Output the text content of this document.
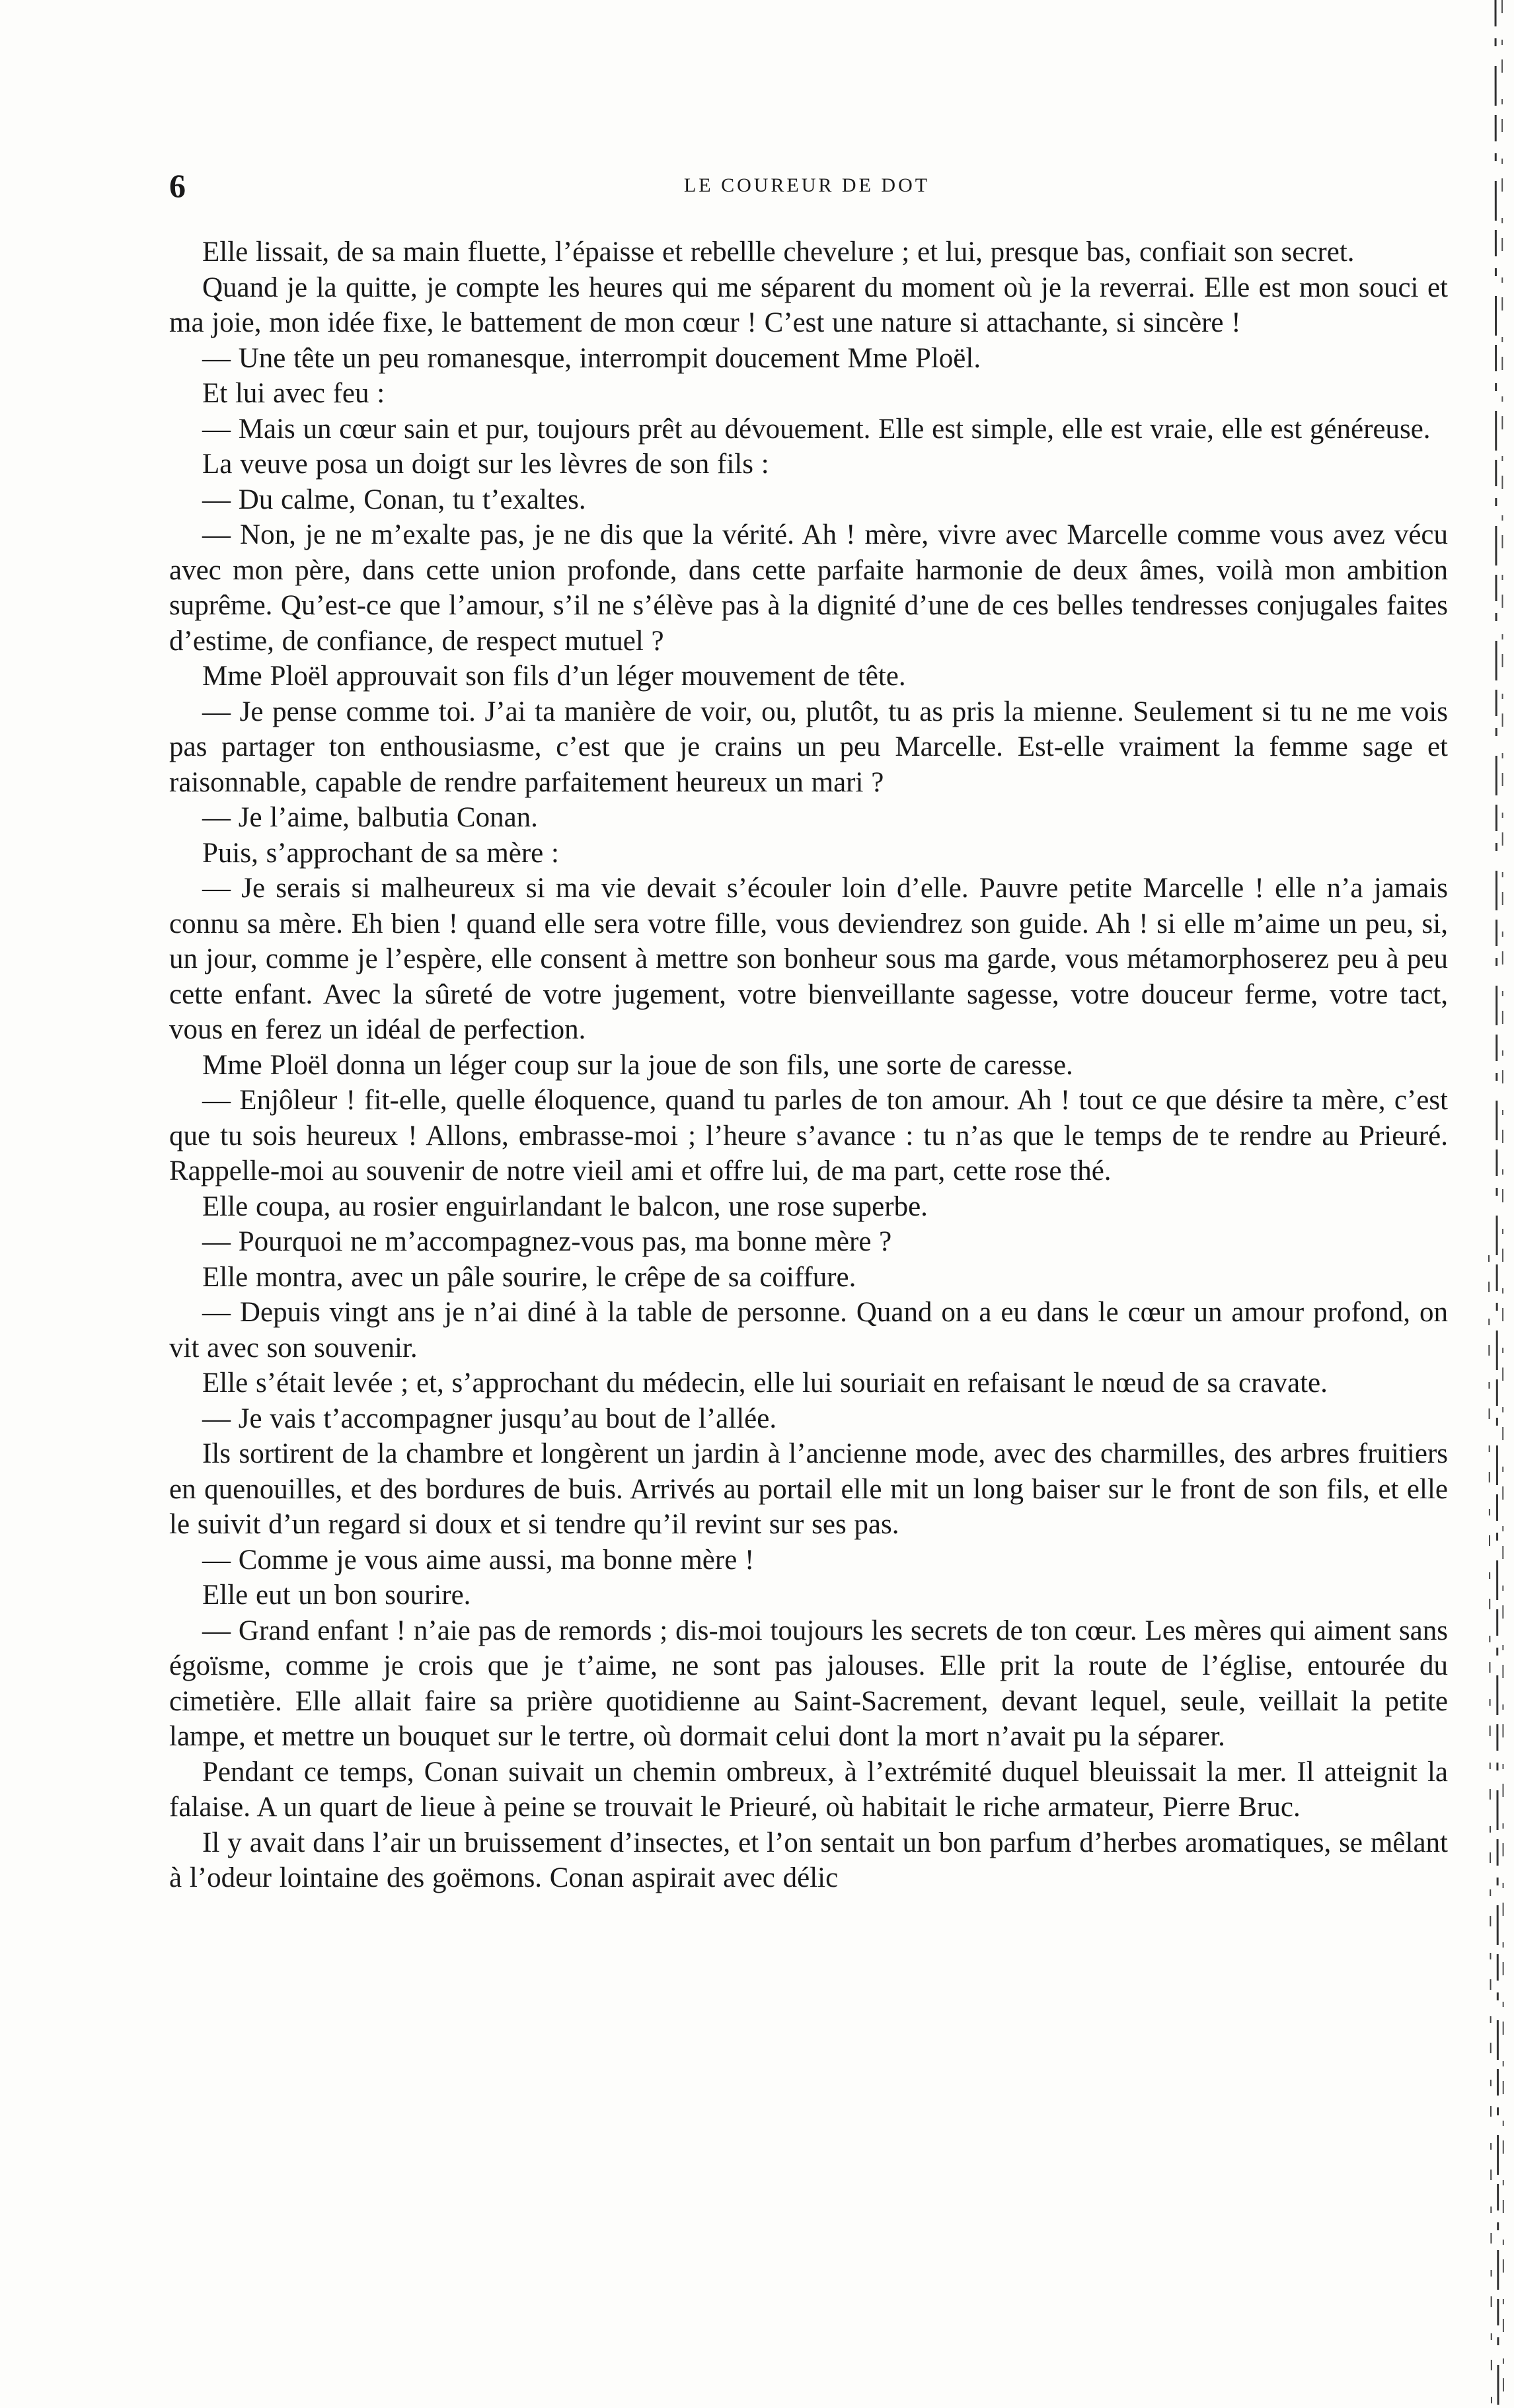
6	LE COUREUR DE DOT

Elle lissait, de sa main fluette, l’épaisse et rebellle chevelure ; et lui, presque bas, confiait son secret.

Quand je la quitte, je compte les heures qui me séparent du moment où je la reverrai. Elle est mon souci et ma joie, mon idée fixe, le battement de mon cœur ! C’est une nature si attachante, si sincère !

— Une tête un peu romanesque, interrompit doucement Mme Ploël.

Et lui avec feu :

— Mais un cœur sain et pur, toujours prêt au dévouement. Elle est simple, elle est vraie, elle est généreuse.

La veuve posa un doigt sur les lèvres de son fils :

— Du calme, Conan, tu t’exaltes.

— Non, je ne m’exalte pas, je ne dis que la vérité. Ah ! mère, vivre avec Marcelle comme vous avez vécu avec mon père, dans cette union profonde, dans cette parfaite harmonie de deux âmes, voilà mon ambition suprême. Qu’est-ce que l’amour, s’il ne s’élève pas à la dignité d’une de ces belles tendresses conjugales faites d’estime, de confiance, de respect mutuel ?

Mme Ploël approuvait son fils d’un léger mouvement de tête.

— Je pense comme toi. J’ai ta manière de voir, ou, plutôt, tu as pris la mienne. Seulement si tu ne me vois pas partager ton enthousiasme, c’est que je crains un peu Marcelle. Est-elle vraiment la femme sage et raisonnable, capable de rendre parfaitement heureux un mari ?

— Je l’aime, balbutia Conan.

Puis, s’approchant de sa mère :

— Je serais si malheureux si ma vie devait s’écouler loin d’elle. Pauvre petite Marcelle ! elle n’a jamais connu sa mère. Eh bien ! quand elle sera votre fille, vous deviendrez son guide. Ah ! si elle m’aime un peu, si, un jour, comme je l’espère, elle consent à mettre son bonheur sous ma garde, vous métamorphoserez peu à peu cette enfant. Avec la sûreté de votre jugement, votre bienveillante sagesse, votre douceur ferme, votre tact, vous en ferez un idéal de perfection.

Mme Ploël donna un léger coup sur la joue de son fils, une sorte de caresse.

— Enjôleur ! fit-elle, quelle éloquence, quand tu parles de ton amour. Ah ! tout ce que désire ta mère, c’est que tu sois heureux ! Allons, embrasse-moi ; l’heure s’avance : tu n’as que le temps de te rendre au Prieuré. Rappelle-moi au souvenir de notre vieil ami et offre lui, de ma part, cette rose thé.

Elle coupa, au rosier enguirlandant le balcon, une rose superbe.

— Pourquoi ne m’accompagnez-vous pas, ma bonne mère ?

Elle montra, avec un pâle sourire, le crêpe de sa coiffure.

— Depuis vingt ans je n’ai diné à la table de personne. Quand on a eu dans le cœur un amour profond, on vit avec son souvenir.

Elle s’était levée ; et, s’approchant du médecin, elle lui souriait en refaisant le nœud de sa cravate.

— Je vais t’accompagner jusqu’au bout de l’allée.

Ils sortirent de la chambre et longèrent un jardin à l’ancienne mode, avec des charmilles, des arbres fruitiers en quenouilles, et des bordures de buis. Arrivés au portail elle mit un long baiser sur le front de son fils, et elle le suivit d’un regard si doux et si tendre qu’il revint sur ses pas.

— Comme je vous aime aussi, ma bonne mère !

Elle eut un bon sourire.

— Grand enfant ! n’aie pas de remords ; dis-moi toujours les secrets de ton cœur. Les mères qui aiment sans égoïsme, comme je crois que je t’aime, ne sont pas jalouses. Elle prit la route de l’église, entourée du cimetière. Elle allait faire sa prière quotidienne au Saint-Sacrement, devant lequel, seule, veillait la petite lampe, et mettre un bouquet sur le tertre, où dormait celui dont la mort n’avait pu la séparer.

Pendant ce temps, Conan suivait un chemin ombreux, à l’extrémité duquel bleuissait la mer. Il atteignit la falaise. A un quart de lieue à peine se trouvait le Prieuré, où habitait le riche armateur, Pierre Bruc.

Il y avait dans l’air un bruissement d’insectes, et l’on sentait un bon parfum d’herbes aromatiques, se mêlant à l’odeur lointaine des goëmons. Conan aspirait avec délic
